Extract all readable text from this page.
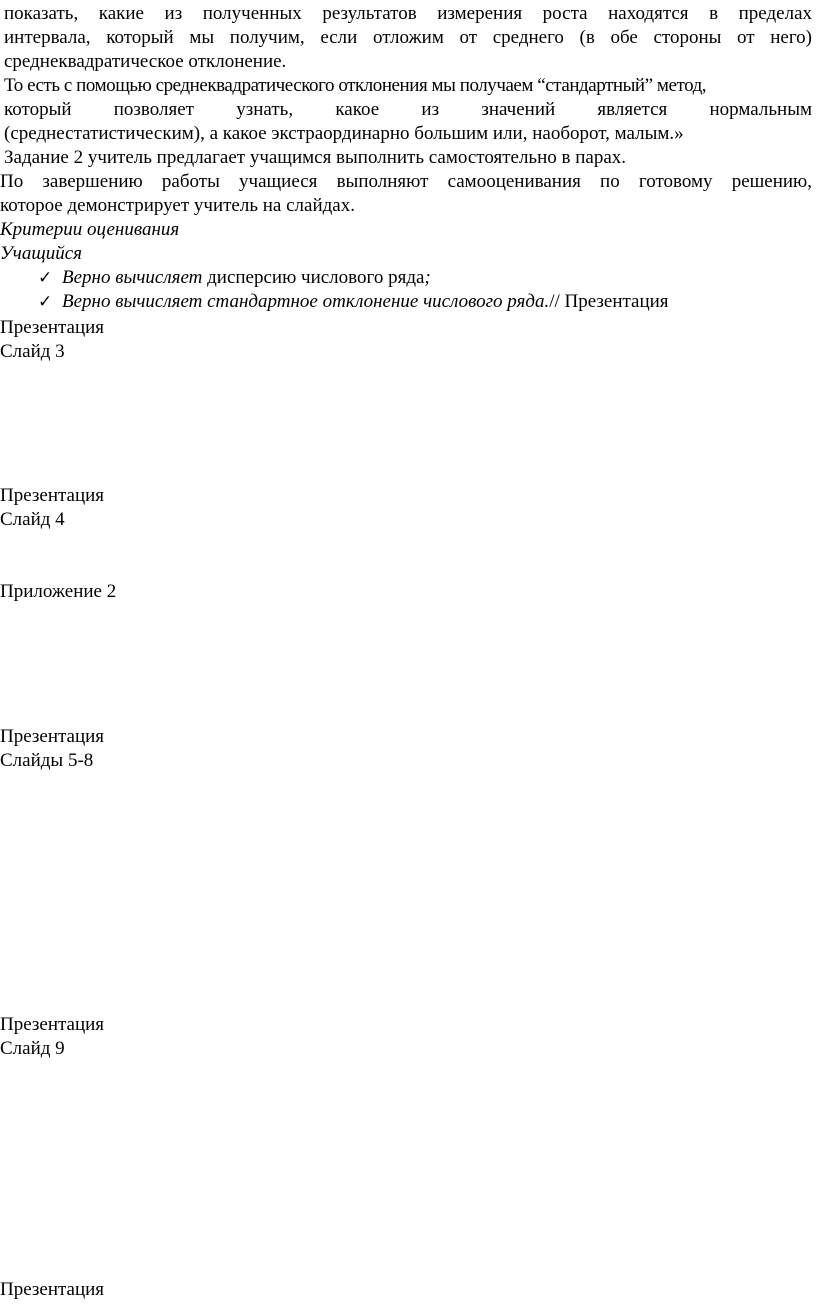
показать, какие из полученных результатов измерения роста находятся в пределах
интервала, который мы получим, если отложим от среднего (в обе стороны от него)
среднеквадратическое отклонение.
То есть с помощью среднеквадратического отклонения мы получаем “стандартный” метод,
который позволяет узнать, какое из значений является нормальным
(среднестатистическим), а какое экстраординарно большим или, наоборот, малым.»
Задание 2 учитель предлагает учащимся выполнить самостоятельно в парах.
По завершению работы учащиеся выполняют самооценивания по готовому решению,
которое демонстрирует учитель на слайдах.
Критерии оценивания
Учащийся
✓ Верно вычисляет дисперсию числового ряда;
✓ Верно вычисляет стандартное отклонение числового ряда.// Презентация
Презентация
Слайд 3
Презентация
Слайд 4
Приложение 2
Презентация
Слайды 5-8
Презентация
Слайд 9
Презентация
